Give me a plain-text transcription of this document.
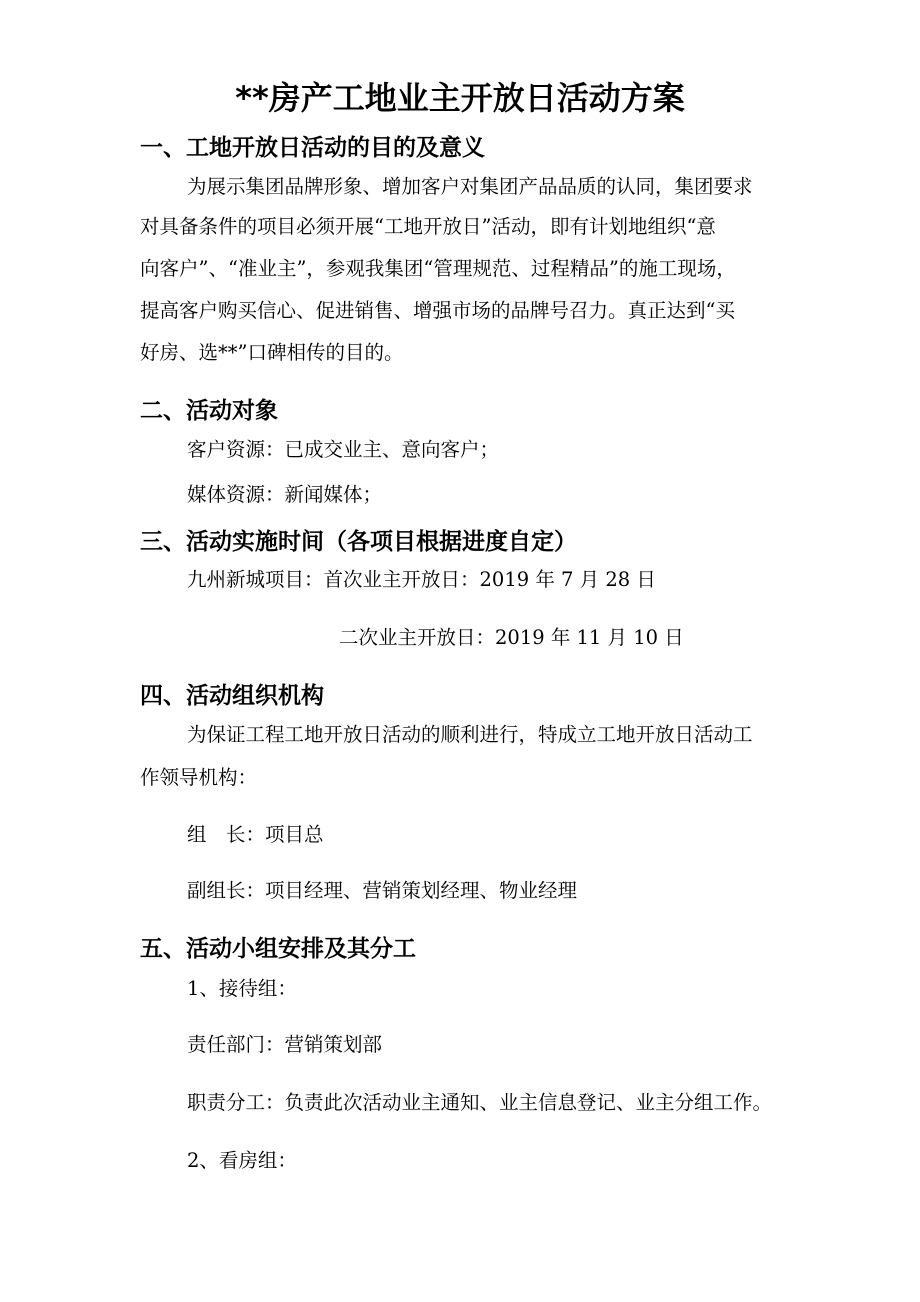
**房产工地业主开放日活动方案
一、工地开放日活动的目的及意义
为展示集团品牌形象、增加客户对集团产品品质的认同，集团要求
对具备条件的项目必须开展“工地开放日”活动，即有计划地组织“意
向客户”、“准业主”，参观我集团“管理规范、过程精品”的施工现场，
提高客户购买信心、促进销售、增强市场的品牌号召力。真正达到“买
好房、选**”口碑相传的目的。
二、活动对象
客户资源：已成交业主、意向客户；
媒体资源：新闻媒体；
三、活动实施时间（各项目根据进度自定）
九州新城项目：首次业主开放日：2019 年 7 月 28 日
二次业主开放日：2019 年 11 月 10 日
四、活动组织机构
为保证工程工地开放日活动的顺利进行，特成立工地开放日活动工
作领导机构：
组　长：项目总
副组长：项目经理、营销策划经理、物业经理
五、活动小组安排及其分工
1、接待组：
责任部门：营销策划部
职责分工：负责此次活动业主通知、业主信息登记、业主分组工作。
2、看房组：
